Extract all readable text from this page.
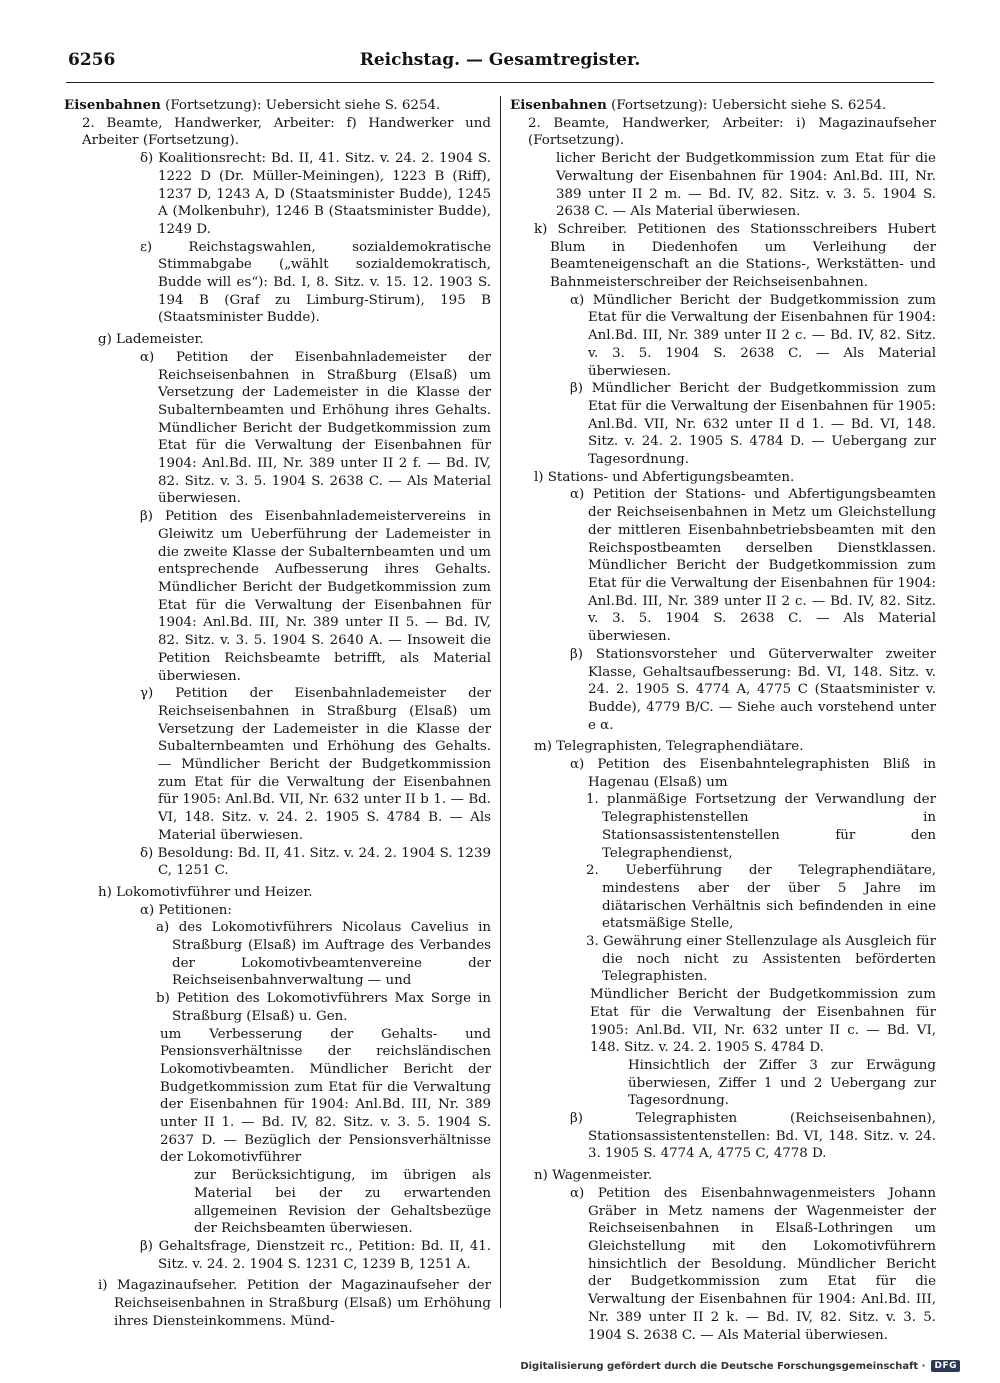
6256	Reichstag. — Gesamtregister.

Eisenbahnen (Fortsetzung): Uebersicht siehe S. 6254.

2. Beamte, Handwerker, Arbeiter: f) Handwerker und Arbeiter (Fortsetzung).

δ) Koalitionsrecht: Bd. II, 41. Sitz. v. 24. 2. 1904 S. 1222 D (Dr. Müller-Meiningen), 1223 B (Riff), 1237 D, 1243 A, D (Staatsminister Budde), 1245 A (Molkenbuhr), 1246 B (Staatsminister Budde), 1249 D.

ε) Reichstagswahlen, sozialdemokratische Stimmabgabe („wählt sozialdemokratisch, Budde will es“): Bd. I, 8. Sitz. v. 15. 12. 1903 S. 194 B (Graf zu Limburg-Stirum), 195 B (Staatsminister Budde).

g) Lademeister.

α) Petition der Eisenbahnlademeister der Reichseisenbahnen in Straßburg (Elsaß) um Versetzung der Lademeister in die Klasse der Subalternbeamten und Erhöhung ihres Gehalts. Mündlicher Bericht der Budgetkommission zum Etat für die Verwaltung der Eisenbahnen für 1904: Anl.Bd. III, Nr. 389 unter II 2 f. — Bd. IV, 82. Sitz. v. 3. 5. 1904 S. 2638 C. — Als Material überwiesen.

β) Petition des Eisenbahnlademeistervereins in Gleiwitz um Ueberführung der Lademeister in die zweite Klasse der Subalternbeamten und um entsprechende Aufbesserung ihres Gehalts. Mündlicher Bericht der Budgetkommission zum Etat für die Verwaltung der Eisenbahnen für 1904: Anl.Bd. III, Nr. 389 unter II 5. — Bd. IV, 82. Sitz. v. 3. 5. 1904 S. 2640 A. — Insoweit die Petition Reichsbeamte betrifft, als Material überwiesen.

γ) Petition der Eisenbahnlademeister der Reichseisenbahnen in Straßburg (Elsaß) um Versetzung der Lademeister in die Klasse der Subalternbeamten und Erhöhung des Gehalts. — Mündlicher Bericht der Budgetkommission zum Etat für die Verwaltung der Eisenbahnen für 1905: Anl.Bd. VII, Nr. 632 unter II b 1. — Bd. VI, 148. Sitz. v. 24. 2. 1905 S. 4784 B. — Als Material überwiesen.

δ) Besoldung: Bd. II, 41. Sitz. v. 24. 2. 1904 S. 1239 C, 1251 C.

h) Lokomotivführer und Heizer.

α) Petitionen:

a) des Lokomotivführers Nicolaus Cavelius in Straßburg (Elsaß) im Auftrage des Verbandes der Lokomotivbeamtenvereine der Reichseisenbahnverwaltung — und

b) Petition des Lokomotivführers Max Sorge in Straßburg (Elsaß) u. Gen.

um Verbesserung der Gehalts- und Pensionsverhältnisse der reichsländischen Lokomotivbeamten. Mündlicher Bericht der Budgetkommission zum Etat für die Verwaltung der Eisenbahnen für 1904: Anl.Bd. III, Nr. 389 unter II 1. — Bd. IV, 82. Sitz. v. 3. 5. 1904 S. 2637 D. — Bezüglich der Pensionsverhältnisse der Lokomotivführer

zur Berücksichtigung, im übrigen als Material bei der zu erwartenden allgemeinen Revision der Gehaltsbezüge der Reichsbeamten überwiesen.

β) Gehaltsfrage, Dienstzeit rc., Petition: Bd. II, 41. Sitz. v. 24. 2. 1904 S. 1231 C, 1239 B, 1251 A.

i) Magazinaufseher. Petition der Magazinaufseher der Reichseisenbahnen in Straßburg (Elsaß) um Erhöhung ihres Diensteinkommens. Münd-

Eisenbahnen (Fortsetzung): Uebersicht siehe S. 6254.

2. Beamte, Handwerker, Arbeiter: i) Magazinaufseher (Fortsetzung).

licher Bericht der Budgetkommission zum Etat für die Verwaltung der Eisenbahnen für 1904: Anl.Bd. III, Nr. 389 unter II 2 m. — Bd. IV, 82. Sitz. v. 3. 5. 1904 S. 2638 C. — Als Material überwiesen.

k) Schreiber. Petitionen des Stationsschreibers Hubert Blum in Diedenhofen um Verleihung der Beamteneigenschaft an die Stations-, Werkstätten- und Bahnmeisterschreiber der Reichseisenbahnen.

α) Mündlicher Bericht der Budgetkommission zum Etat für die Verwaltung der Eisenbahnen für 1904: Anl.Bd. III, Nr. 389 unter II 2 c. — Bd. IV, 82. Sitz. v. 3. 5. 1904 S. 2638 C. — Als Material überwiesen.

β) Mündlicher Bericht der Budgetkommission zum Etat für die Verwaltung der Eisenbahnen für 1905: Anl.Bd. VII, Nr. 632 unter II d 1. — Bd. VI, 148. Sitz. v. 24. 2. 1905 S. 4784 D. — Uebergang zur Tagesordnung.

l) Stations- und Abfertigungsbeamten.

α) Petition der Stations- und Abfertigungsbeamten der Reichseisenbahnen in Metz um Gleichstellung der mittleren Eisenbahnbetriebsbeamten mit den Reichspostbeamten derselben Dienstklassen. Mündlicher Bericht der Budgetkommission zum Etat für die Verwaltung der Eisenbahnen für 1904: Anl.Bd. III, Nr. 389 unter II 2 c. — Bd. IV, 82. Sitz. v. 3. 5. 1904 S. 2638 C. — Als Material überwiesen.

β) Stationsvorsteher und Güterverwalter zweiter Klasse, Gehaltsaufbesserung: Bd. VI, 148. Sitz. v. 24. 2. 1905 S. 4774 A, 4775 C (Staatsminister v. Budde), 4779 B/C. — Siehe auch vorstehend unter e α.

m) Telegraphisten, Telegraphendiätare.

α) Petition des Eisenbahntelegraphisten Bliß in Hagenau (Elsaß) um

1. planmäßige Fortsetzung der Verwandlung der Telegraphistenstellen in Stationsassistentenstellen für den Telegraphendienst,

2. Ueberführung der Telegraphendiätare, mindestens aber der über 5 Jahre im diätarischen Verhältnis sich befindenden in eine etatsmäßige Stelle,

3. Gewährung einer Stellenzulage als Ausgleich für die noch nicht zu Assistenten beförderten Telegraphisten.

Mündlicher Bericht der Budgetkommission zum Etat für die Verwaltung der Eisenbahnen für 1905: Anl.Bd. VII, Nr. 632 unter II c. — Bd. VI, 148. Sitz. v. 24. 2. 1905 S. 4784 D.

Hinsichtlich der Ziffer 3 zur Erwägung überwiesen, Ziffer 1 und 2 Uebergang zur Tagesordnung.

β) Telegraphisten (Reichseisenbahnen), Stationsassistentenstellen: Bd. VI, 148. Sitz. v. 24. 3. 1905 S. 4774 A, 4775 C, 4778 D.

n) Wagenmeister.

α) Petition des Eisenbahnwagenmeisters Johann Gräber in Metz namens der Wagenmeister der Reichseisenbahnen in Elsaß-Lothringen um Gleichstellung mit den Lokomotivführern hinsichtlich der Besoldung. Mündlicher Bericht der Budgetkommission zum Etat für die Verwaltung der Eisenbahnen für 1904: Anl.Bd. III, Nr. 389 unter II 2 k. — Bd. IV, 82. Sitz. v. 3. 5. 1904 S. 2638 C. — Als Material überwiesen.

Digitalisierung gefördert durch die Deutsche Forschungsgemeinschaft ·	DFG
